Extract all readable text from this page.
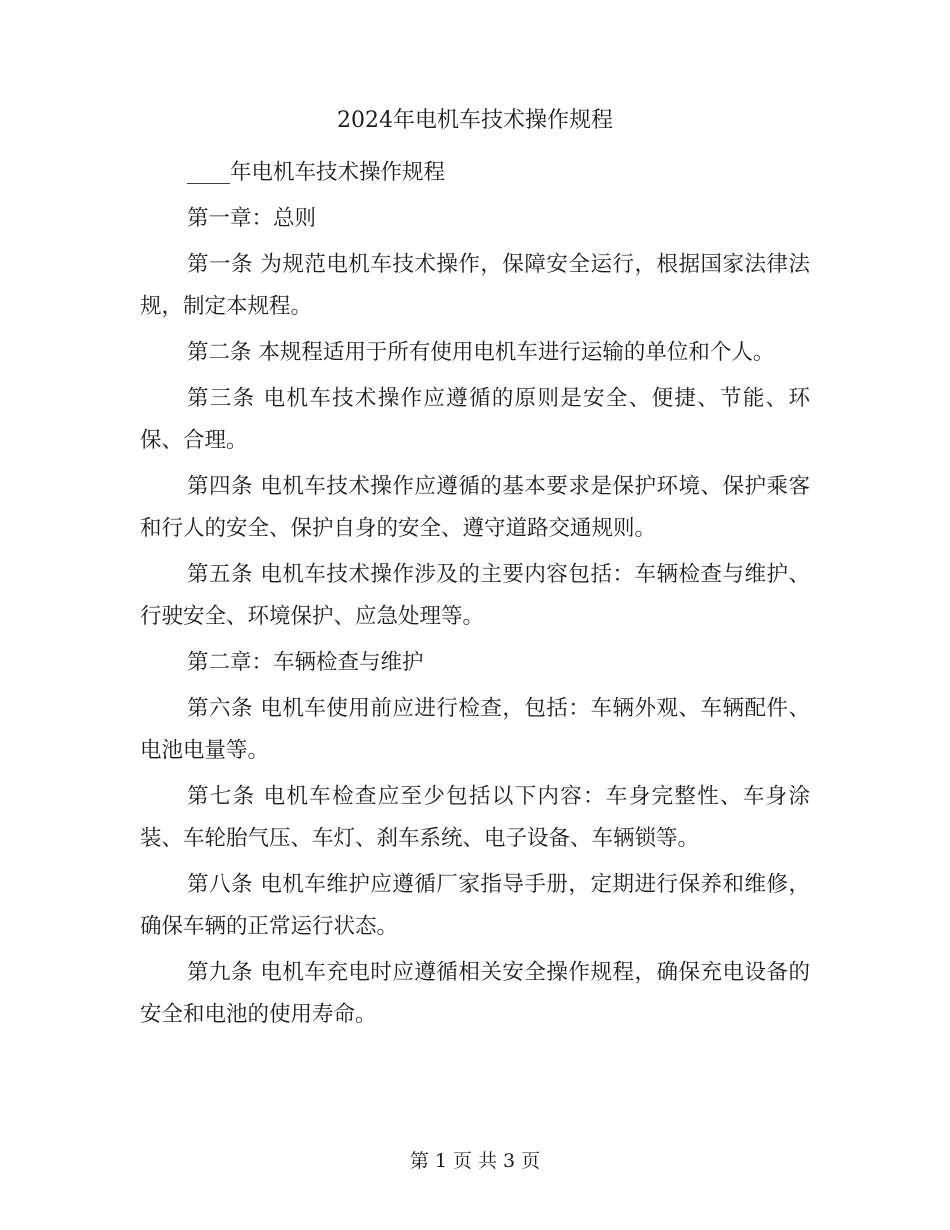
2024年电机车技术操作规程

____年电机车技术操作规程

第一章：总则

第一条 为规范电机车技术操作，保障安全运行，根据国家法律法规，制定本规程。

第二条 本规程适用于所有使用电机车进行运输的单位和个人。

第三条 电机车技术操作应遵循的原则是安全、便捷、节能、环保、合理。

第四条 电机车技术操作应遵循的基本要求是保护环境、保护乘客和行人的安全、保护自身的安全、遵守道路交通规则。

第五条 电机车技术操作涉及的主要内容包括：车辆检查与维护、行驶安全、环境保护、应急处理等。

第二章：车辆检查与维护

第六条 电机车使用前应进行检查，包括：车辆外观、车辆配件、电池电量等。

第七条 电机车检查应至少包括以下内容：车身完整性、车身涂装、车轮胎气压、车灯、刹车系统、电子设备、车辆锁等。

第八条 电机车维护应遵循厂家指导手册，定期进行保养和维修，确保车辆的正常运行状态。

第九条 电机车充电时应遵循相关安全操作规程，确保充电设备的安全和电池的使用寿命。

第 1 页 共 3 页
